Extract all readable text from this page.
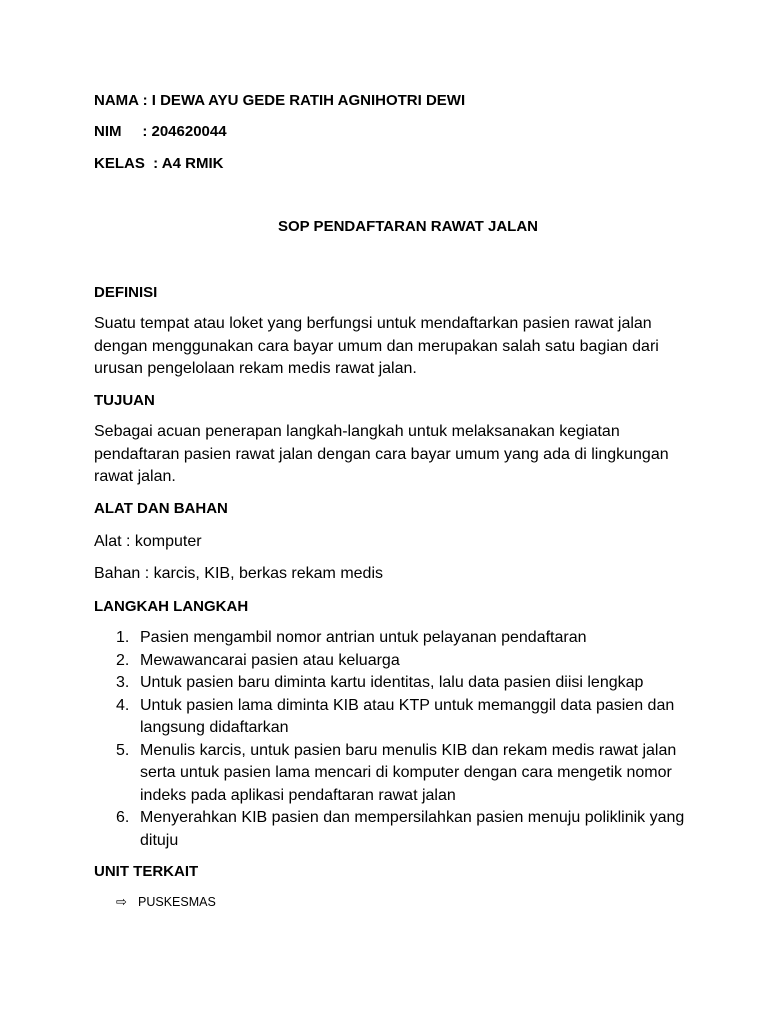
NAMA : I DEWA AYU GEDE RATIH AGNIHOTRI DEWI
NIM     : 204620044
KELAS  : A4 RMIK
SOP PENDAFTARAN RAWAT JALAN
DEFINISI
Suatu tempat atau loket yang berfungsi untuk mendaftarkan pasien rawat jalan dengan menggunakan cara bayar umum dan merupakan salah satu bagian dari urusan pengelolaan rekam medis rawat jalan.
TUJUAN
Sebagai acuan penerapan langkah-langkah untuk melaksanakan kegiatan pendaftaran pasien rawat jalan dengan cara bayar umum yang ada di lingkungan rawat jalan.
ALAT DAN BAHAN
Alat : komputer
Bahan : karcis, KIB, berkas rekam medis
LANGKAH LANGKAH
1. Pasien mengambil nomor antrian untuk pelayanan pendaftaran
2. Mewawancarai pasien atau keluarga
3. Untuk pasien baru diminta kartu identitas, lalu data pasien diisi lengkap
4. Untuk pasien lama diminta KIB atau KTP untuk memanggil data pasien dan langsung didaftarkan
5. Menulis karcis, untuk pasien baru menulis KIB dan rekam medis rawat jalan serta untuk pasien lama mencari di komputer dengan cara mengetik nomor indeks pada aplikasi pendaftaran rawat jalan
6. Menyerahkan KIB pasien dan mempersilahkan pasien menuju poliklinik yang dituju
UNIT TERKAIT
⇨ PUSKESMAS
